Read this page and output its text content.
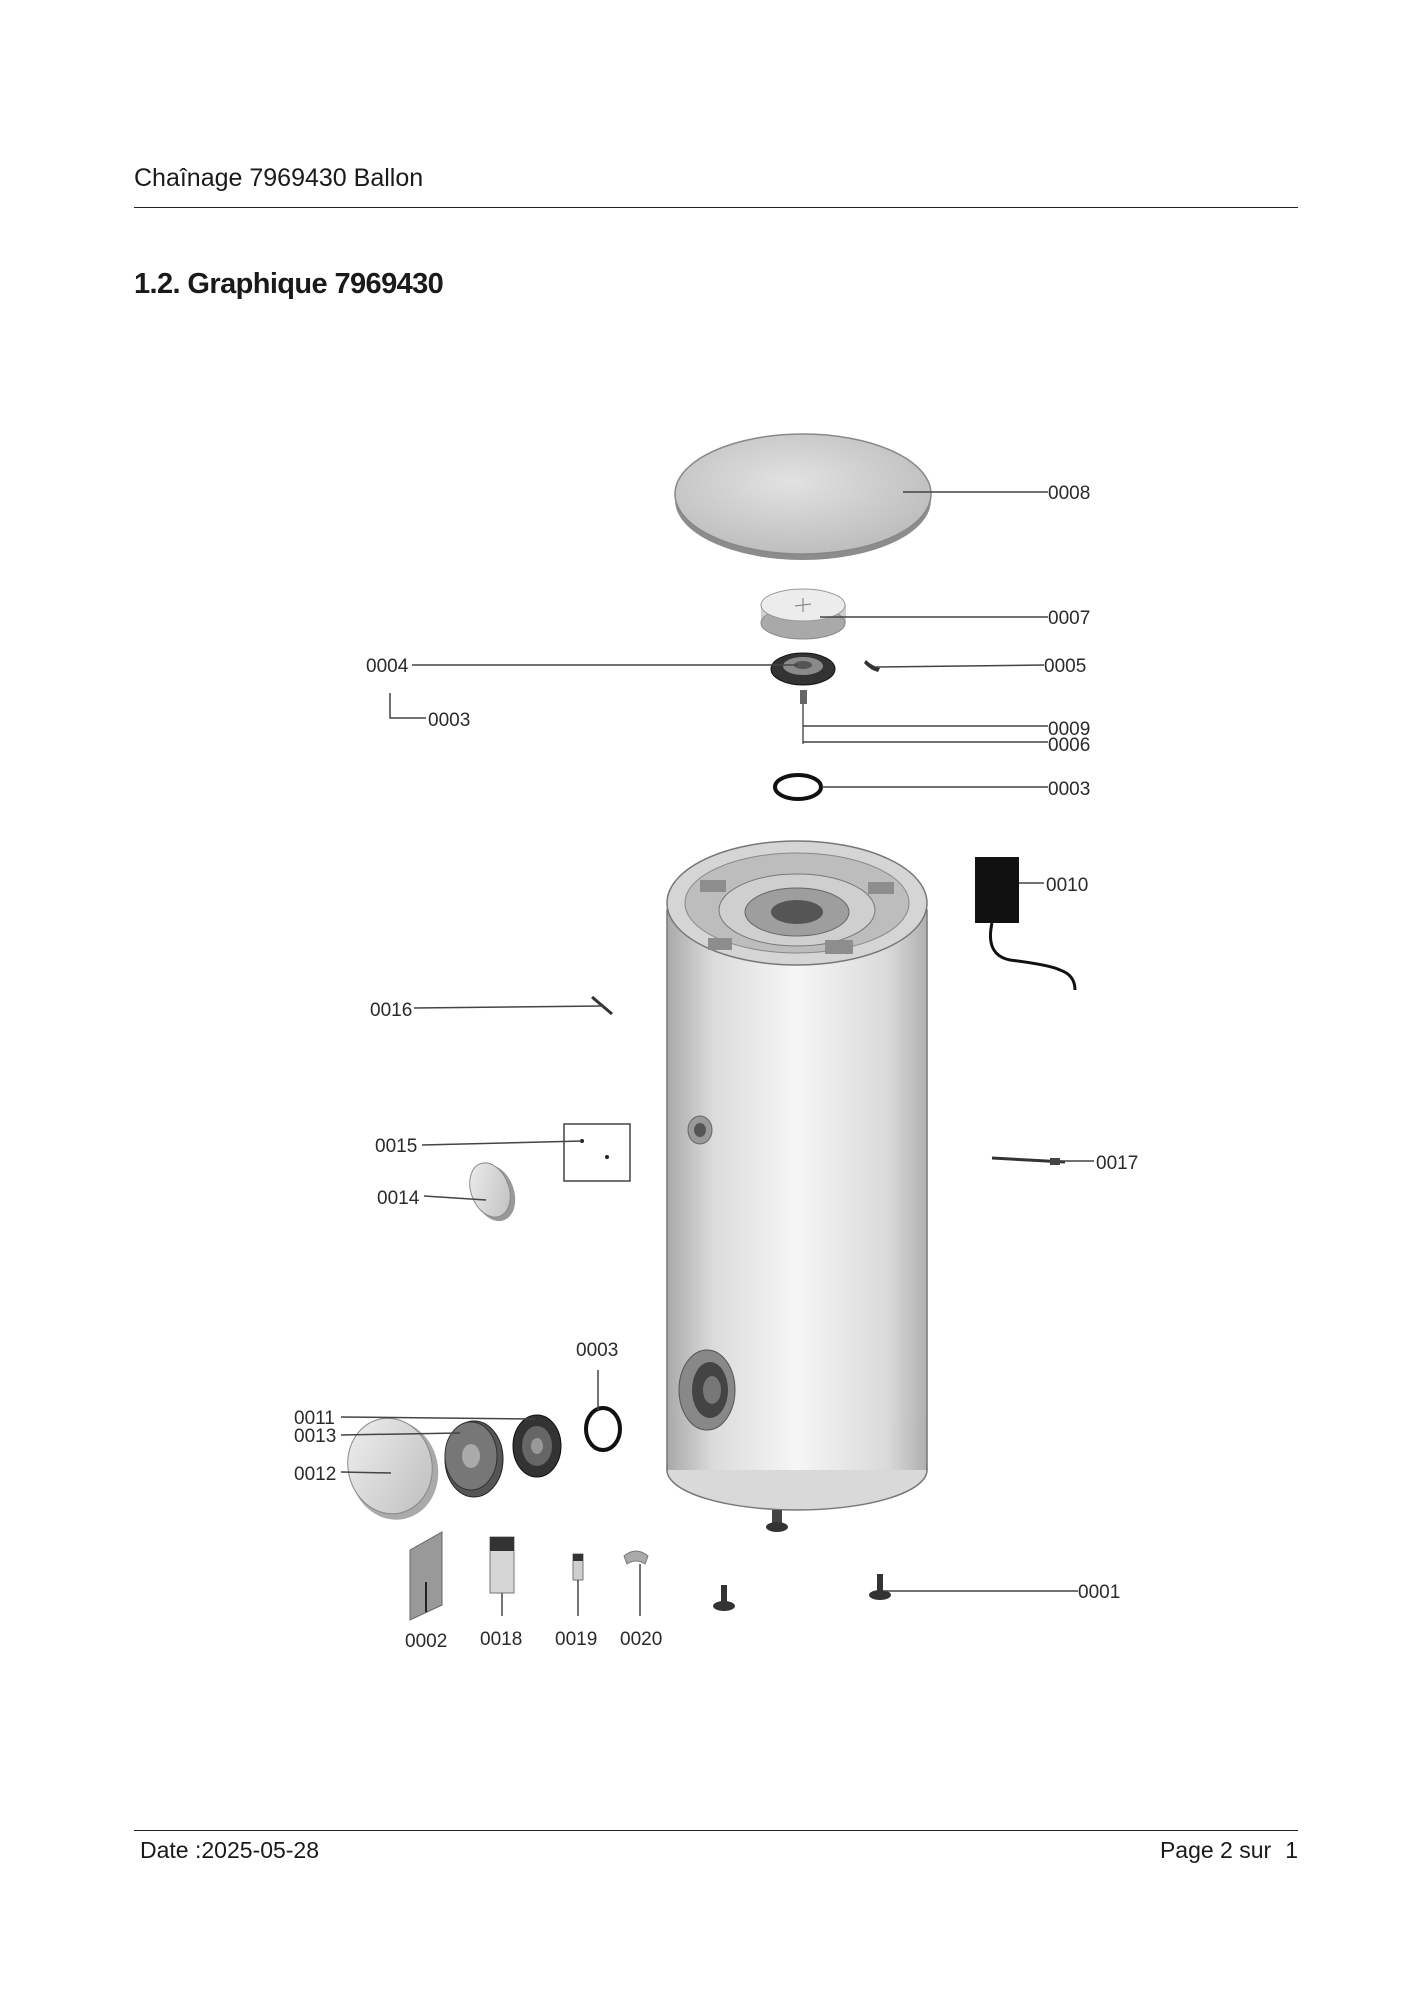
Chaînage 7969430 Ballon
1.2. Graphique 7969430
0008
0007
0004
0003
0005
0009
0006
0003
0010
0016
0015
0014
0017
0003
0011
0013
0012
0002 0018 0019 0020
0001
Date :2025-05-28	Page 2 sur 1
